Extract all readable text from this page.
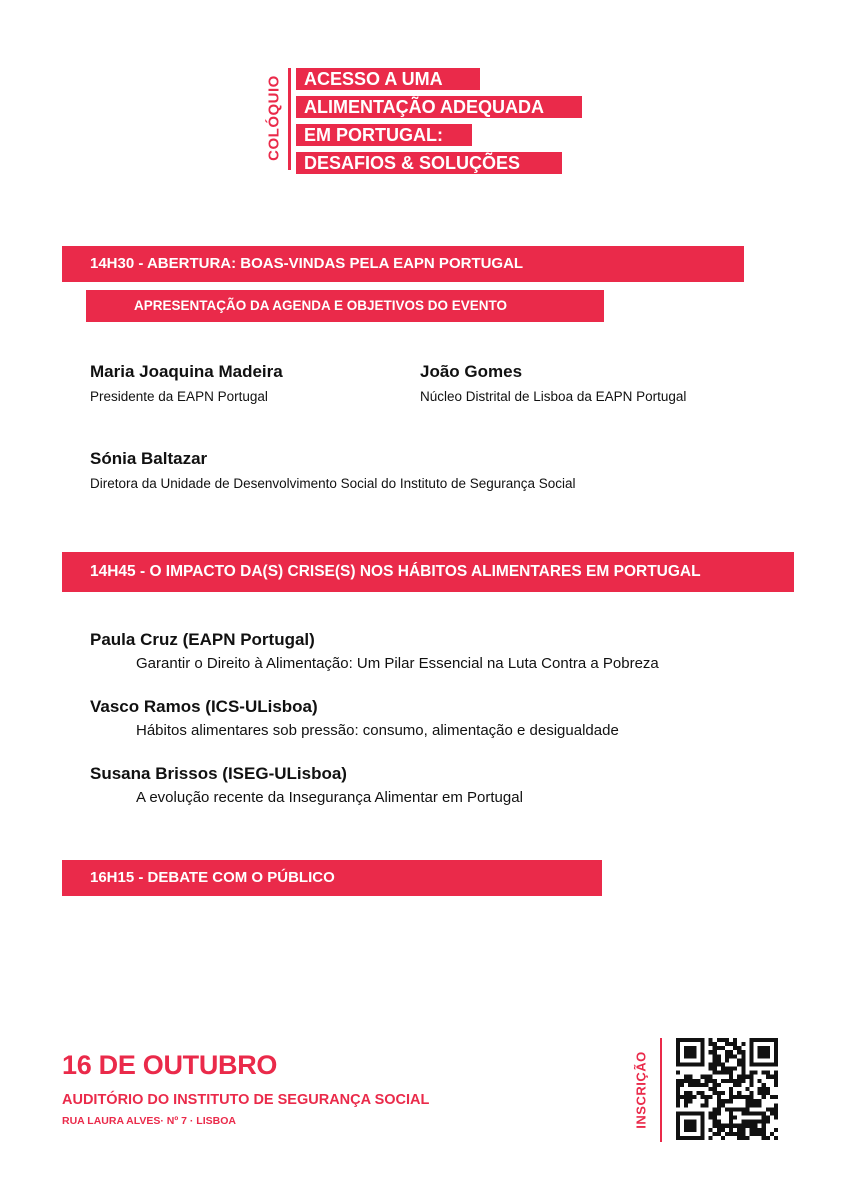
COLÓQUIO	ACESSO A UMA
ALIMENTAÇÃO ADEQUADA
EM PORTUGAL:
DESAFIOS & SOLUÇÕES
14H30 - ABERTURA: BOAS-VINDAS PELA EAPN PORTUGAL
APRESENTAÇÃO DA AGENDA E OBJETIVOS DO EVENTO
Maria Joaquina Madeira
Presidente da EAPN Portugal
João Gomes
Núcleo Distrital de Lisboa da EAPN Portugal
Sónia Baltazar
Diretora da Unidade de Desenvolvimento Social do Instituto de Segurança Social
14H45 - O IMPACTO DA(S) CRISE(S) NOS HÁBITOS ALIMENTARES EM PORTUGAL
Paula Cruz (EAPN Portugal)
Garantir o Direito à Alimentação: Um Pilar Essencial na Luta Contra a Pobreza
Vasco Ramos (ICS-ULisboa)
Hábitos alimentares sob pressão: consumo, alimentação e desigualdade
Susana Brissos (ISEG-ULisboa)
A evolução recente da Insegurança Alimentar em Portugal
16H15 - DEBATE COM O PÚBLICO
16 DE OUTUBRO
AUDITÓRIO DO INSTITUTO DE SEGURANÇA SOCIAL
RUA LAURA ALVES· Nº 7 · LISBOA	INSCRIÇÃO
